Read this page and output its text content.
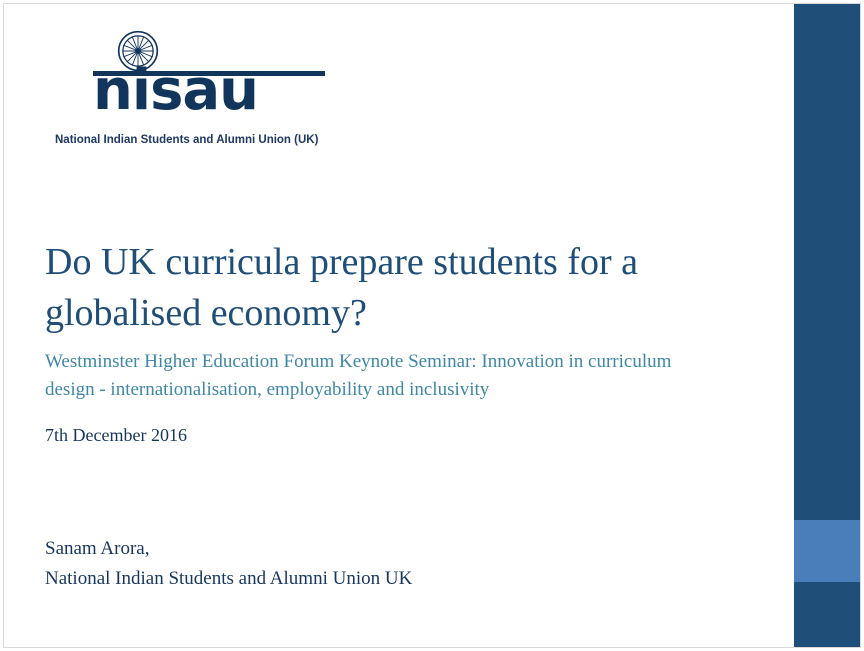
nisau
National Indian Students and Alumni Union (UK)
Do UK curricula prepare students for a globalised economy?
Westminster Higher Education Forum Keynote Seminar: Innovation in curriculum design - internationalisation, employability and inclusivity
7th December 2016
Sanam Arora,
National Indian Students and Alumni Union UK
